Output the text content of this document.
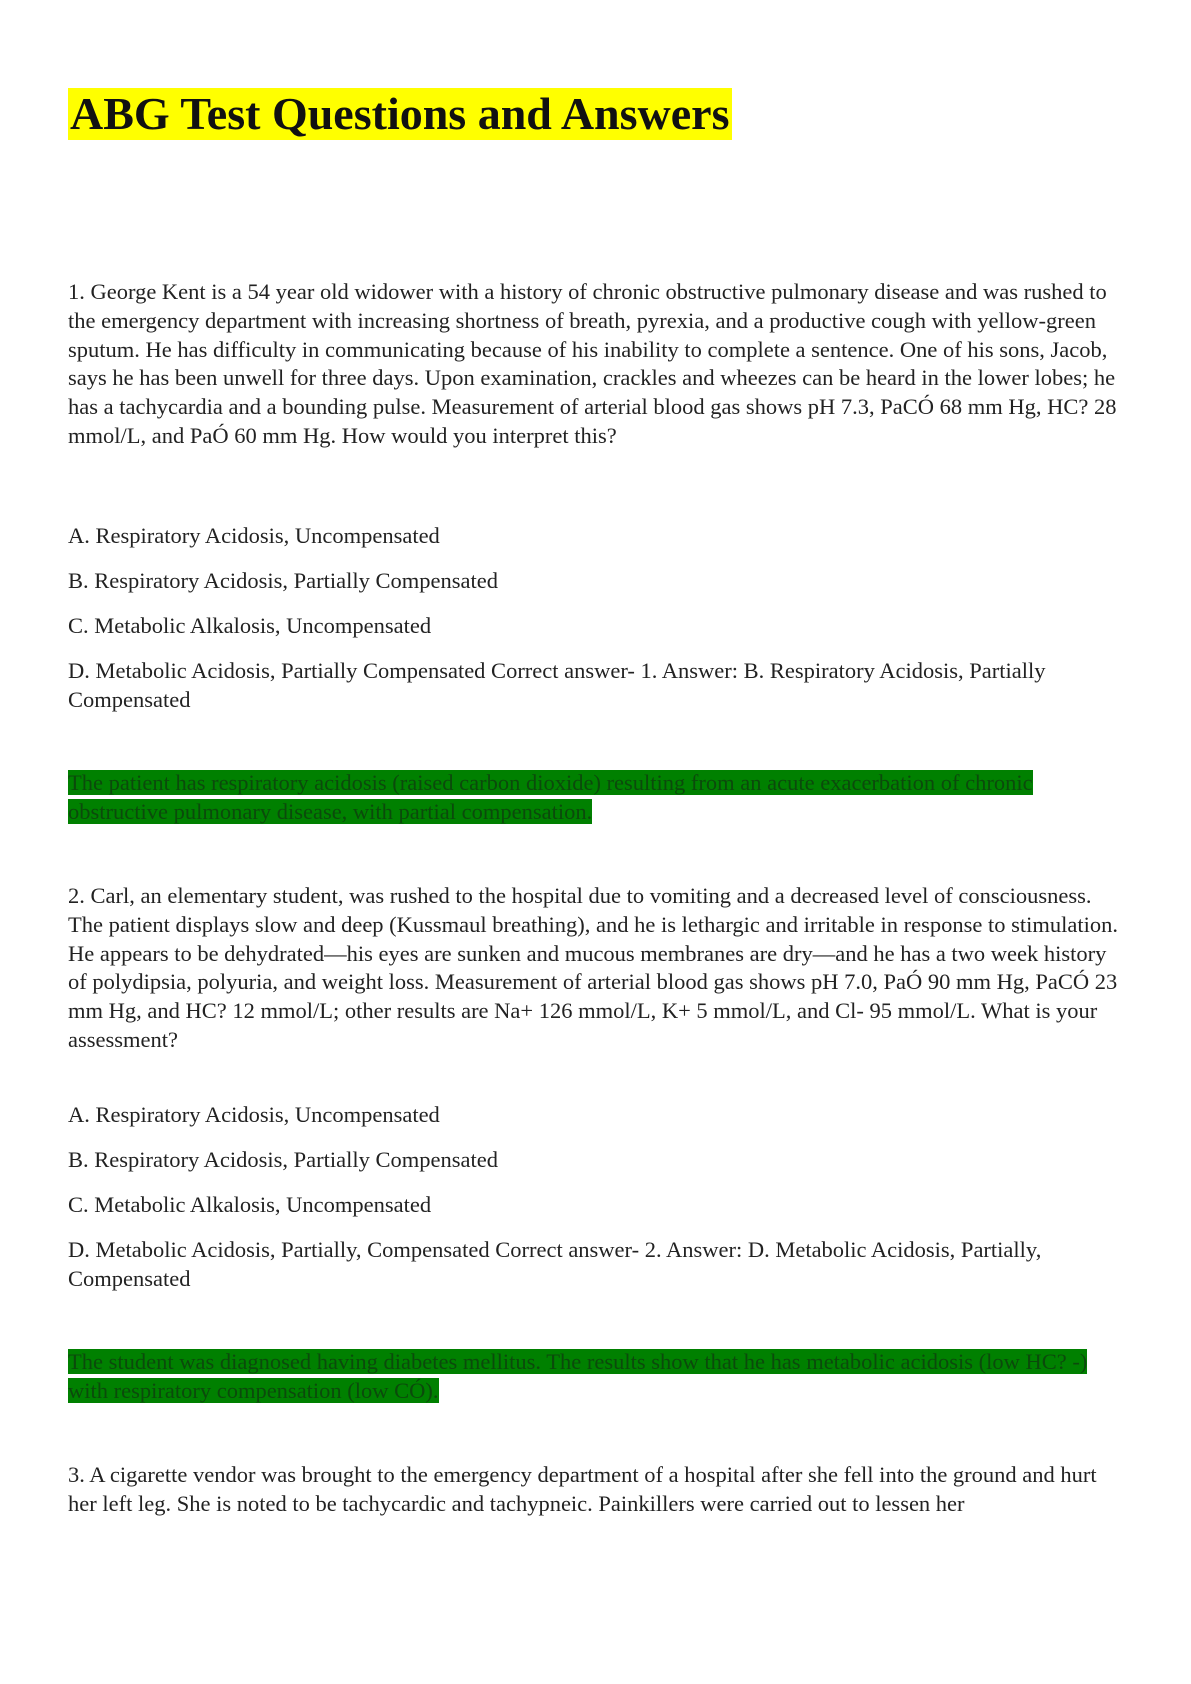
ABG Test Questions and Answers

1. George Kent is a 54 year old widower with a history of chronic obstructive pulmonary disease and was rushed to the emergency department with increasing shortness of breath, pyrexia, and a productive cough with yellow-green sputum. He has difficulty in communicating because of his inability to complete a sentence. One of his sons, Jacob, says he has been unwell for three days. Upon examination, crackles and wheezes can be heard in the lower lobes; he has a tachycardia and a bounding pulse. Measurement of arterial blood gas shows pH 7.3, PaCÓ 68 mm Hg, HC? 28 mmol/L, and PaÓ 60 mm Hg. How would you interpret this?

A. Respiratory Acidosis, Uncompensated

B. Respiratory Acidosis, Partially Compensated

C. Metabolic Alkalosis, Uncompensated

D. Metabolic Acidosis, Partially Compensated Correct answer- 1. Answer: B. Respiratory Acidosis, Partially Compensated

The patient has respiratory acidosis (raised carbon dioxide) resulting from an acute exacerbation of chronic obstructive pulmonary disease, with partial compensation.

2. Carl, an elementary student, was rushed to the hospital due to vomiting and a decreased level of consciousness. The patient displays slow and deep (Kussmaul breathing), and he is lethargic and irritable in response to stimulation. He appears to be dehydrated—his eyes are sunken and mucous membranes are dry—and he has a two week history of polydipsia, polyuria, and weight loss. Measurement of arterial blood gas shows pH 7.0, PaÓ 90 mm Hg, PaCÓ 23 mm Hg, and HC? 12 mmol/L; other results are Na+ 126 mmol/L, K+ 5 mmol/L, and Cl- 95 mmol/L. What is your assessment?

A. Respiratory Acidosis, Uncompensated

B. Respiratory Acidosis, Partially Compensated

C. Metabolic Alkalosis, Uncompensated

D. Metabolic Acidosis, Partially, Compensated Correct answer- 2. Answer: D. Metabolic Acidosis, Partially, Compensated

The student was diagnosed having diabetes mellitus. The results show that he has metabolic acidosis (low HC? -) with respiratory compensation (low CÓ).

3. A cigarette vendor was brought to the emergency department of a hospital after she fell into the ground and hurt her left leg. She is noted to be tachycardic and tachypneic. Painkillers were carried out to lessen her
